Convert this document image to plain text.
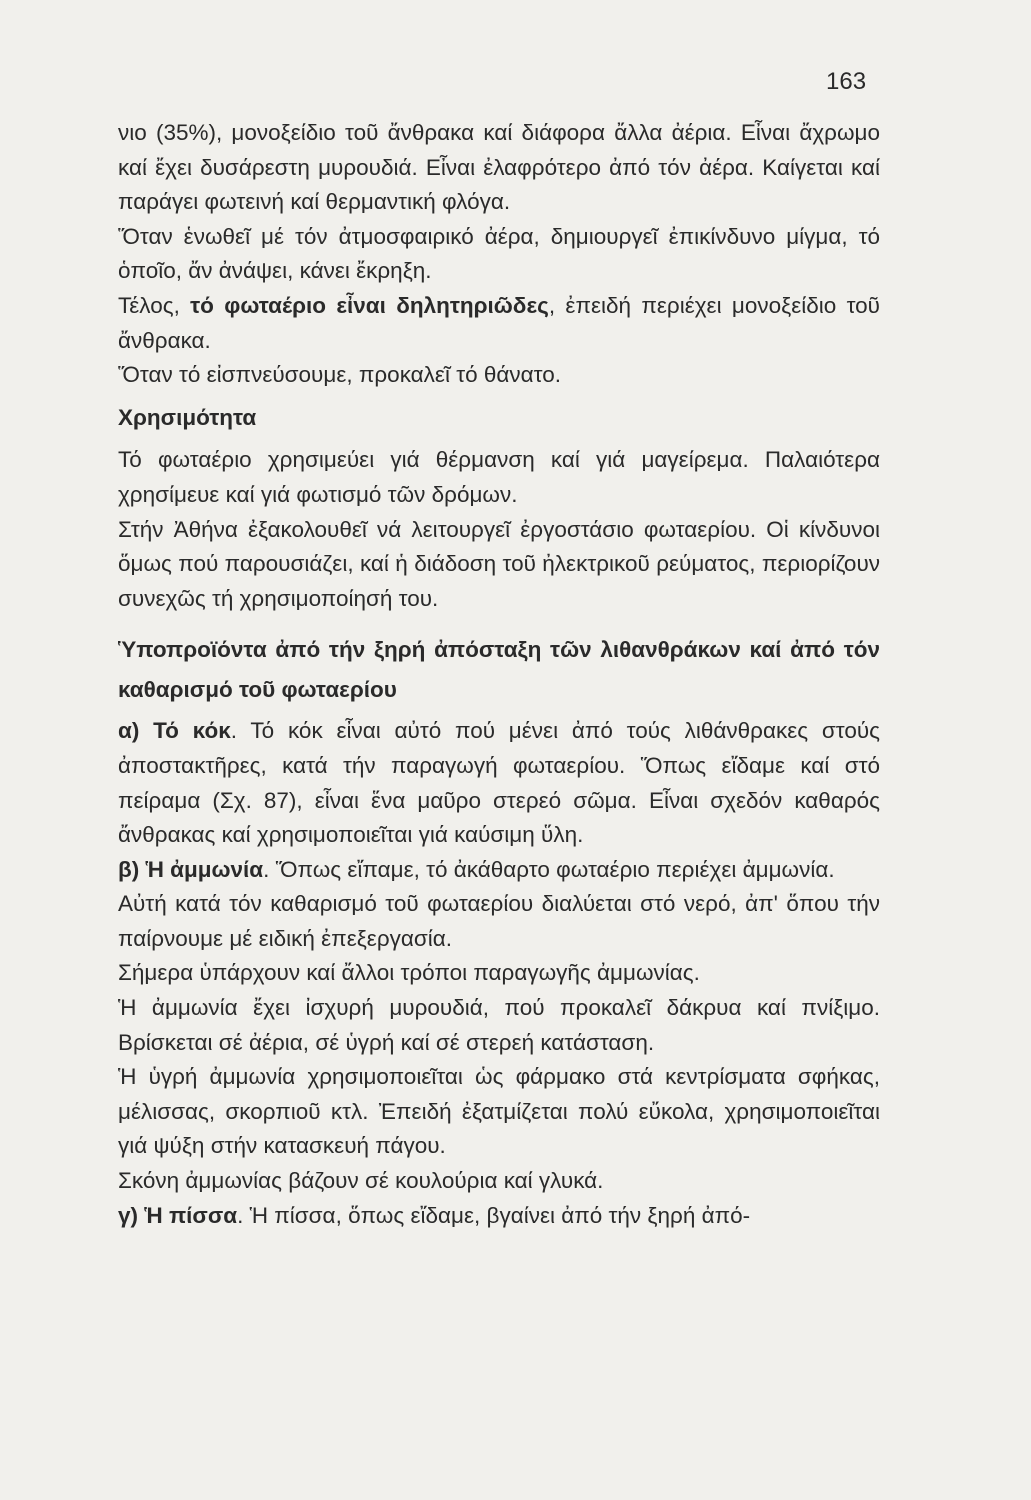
163

νιο (35%), μονοξείδιο τοῦ ἄνθρακα καί διάφορα ἄλλα ἀέρια. Εἶναι ἄχρωμο καί ἔχει δυσάρεστη μυρουδιά. Εἶναι ἐλαφρότερο ἀπό τόν ἀέρα. Καίγεται καί παράγει φωτεινή καί θερμαντική φλόγα.

Ὅταν ἑνωθεῖ μέ τόν ἀτμοσφαιρικό ἀέρα, δημιουργεῖ ἐπικίνδυνο μίγμα, τό ὁποῖο, ἄν ἀνάψει, κάνει ἔκρηξη.

Τέλος, τό φωταέριο εἶναι δηλητηριῶδες, ἐπειδή περιέχει μονοξείδιο τοῦ ἄνθρακα.

Ὅταν τό εἰσπνεύσουμε, προκαλεῖ τό θάνατο.

Χρησιμότητα

Τό φωταέριο χρησιμεύει γιά θέρμανση καί γιά μαγείρεμα. Παλαιότερα χρησίμευε καί γιά φωτισμό τῶν δρόμων.

Στήν Ἀθήνα ἐξακολουθεῖ νά λειτουργεῖ ἐργοστάσιο φωταερίου. Οἱ κίνδυνοι ὅμως πού παρουσιάζει, καί ἡ διάδοση τοῦ ἠλεκτρικοῦ ρεύματος, περιορίζουν συνεχῶς τή χρησιμοποίησή του.

Ὑποπροϊόντα ἀπό τήν ξηρή ἀπόσταξη τῶν λιθανθράκων καί ἀπό τόν καθαρισμό τοῦ φωταερίου

α) Τό κόκ. Τό κόκ εἶναι αὐτό πού μένει ἀπό τούς λιθάνθρακες στούς ἀποστακτῆρες, κατά τήν παραγωγή φωταερίου. Ὅπως εἴδαμε καί στό πείραμα (Σχ. 87), εἶναι ἕνα μαῦρο στερεό σῶμα. Εἶναι σχεδόν καθαρός ἄνθρακας καί χρησιμοποιεῖται γιά καύσιμη ὕλη.

β) Ἡ ἀμμωνία. Ὅπως εἴπαμε, τό ἀκάθαρτο φωταέριο περιέχει ἀμμωνία.

Αὐτή κατά τόν καθαρισμό τοῦ φωταερίου διαλύεται στό νερό, ἀπ' ὅπου τήν παίρνουμε μέ ειδική ἐπεξεργασία.

Σήμερα ὑπάρχουν καί ἄλλοι τρόποι παραγωγῆς ἀμμωνίας.

Ἡ ἀμμωνία ἔχει ἰσχυρή μυρουδιά, πού προκαλεῖ δάκρυα καί πνίξιμο. Βρίσκεται σέ ἀέρια, σέ ὑγρή καί σέ στερεή κατάσταση.

Ἡ ὑγρή ἀμμωνία χρησιμοποιεῖται ὡς φάρμακο στά κεντρίσματα σφήκας, μέλισσας, σκορπιοῦ κτλ. Ἐπειδή ἐξατμίζεται πολύ εὔκολα, χρησιμοποιεῖται γιά ψύξη στήν κατασκευή πάγου.

Σκόνη ἀμμωνίας βάζουν σέ κουλούρια καί γλυκά.

γ) Ἡ πίσσα. Ἡ πίσσα, ὅπως εἴδαμε, βγαίνει ἀπό τήν ξηρή ἀπό-
